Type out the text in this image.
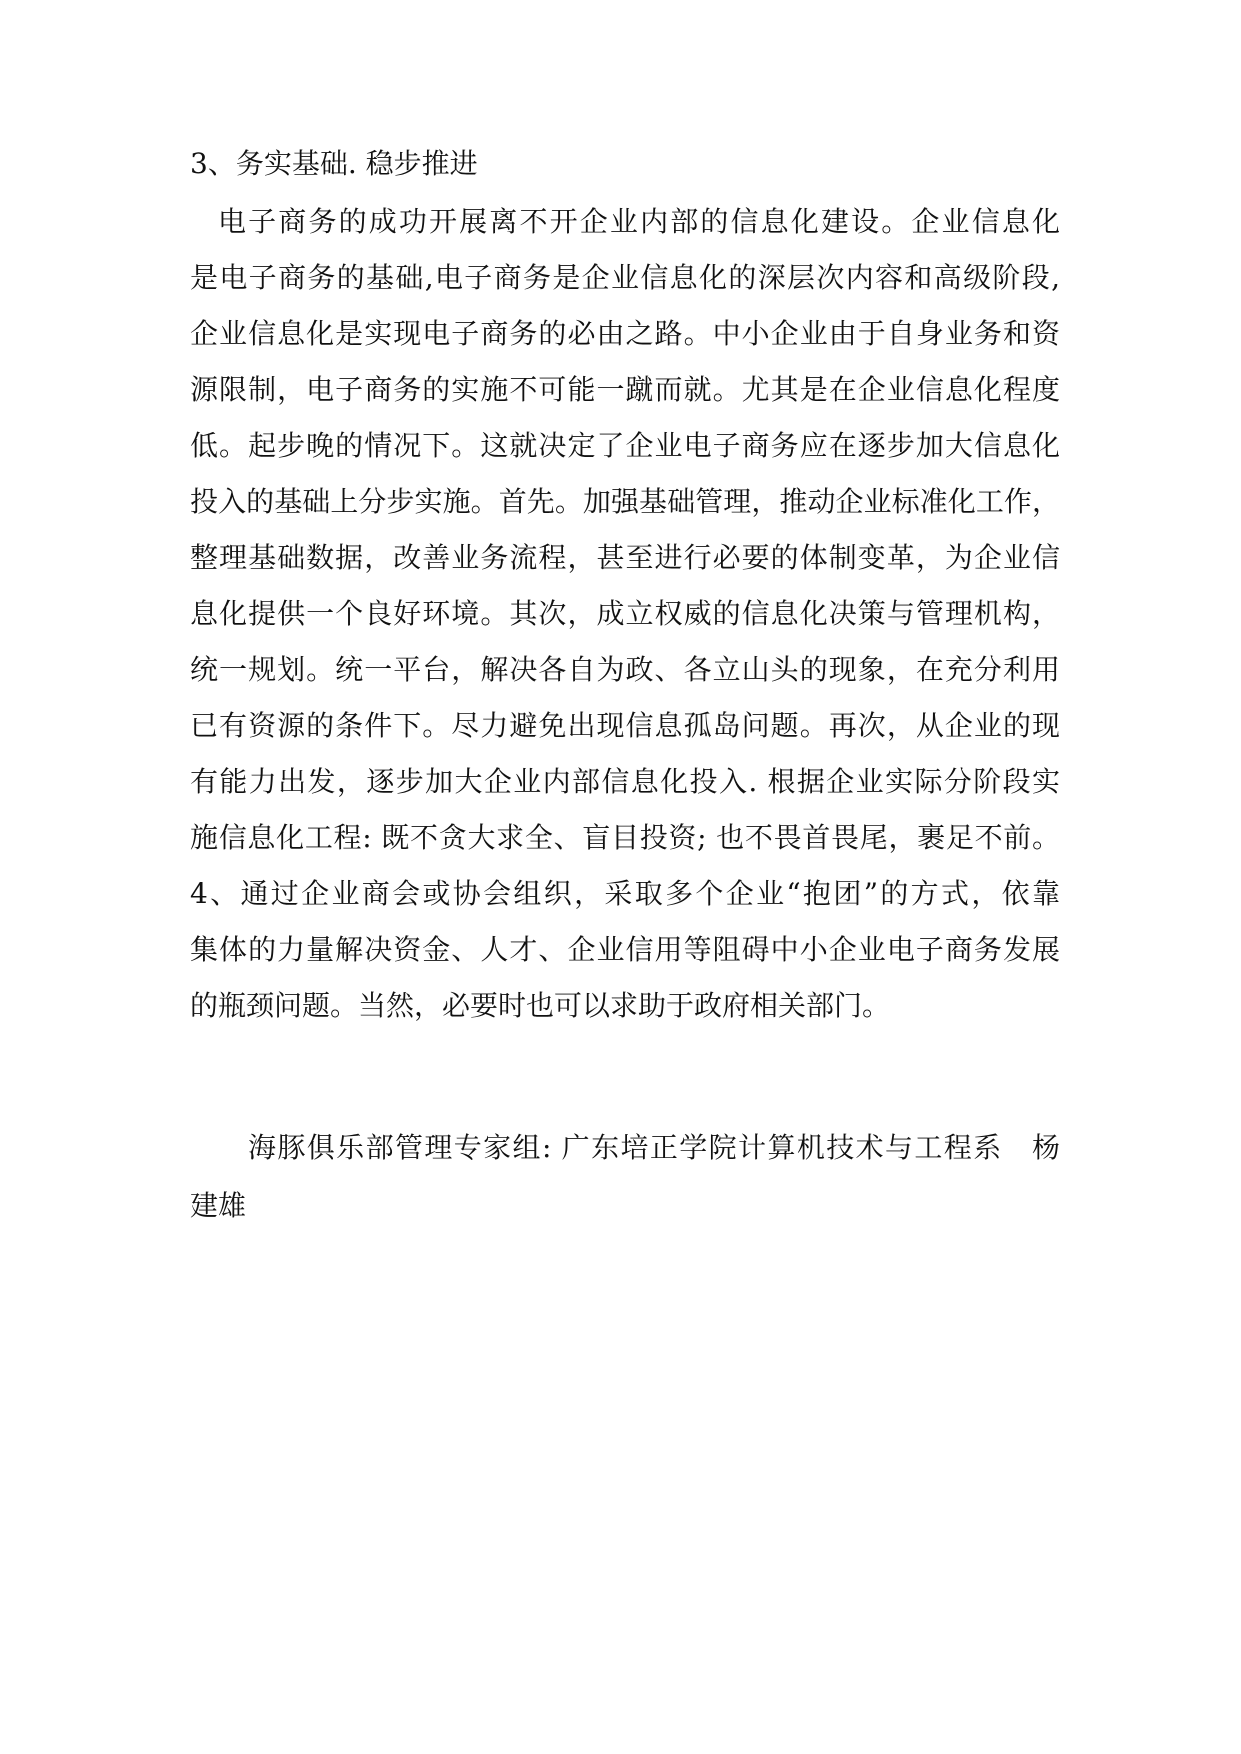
3、务实基础. 稳步推进
电子商务的成功开展离不开企业内部的信息化建设。企业信息化
是电子商务的基础,电子商务是企业信息化的深层次内容和高级阶段,
企业信息化是实现电子商务的必由之路。中小企业由于自身业务和资
源限制，电子商务的实施不可能一蹴而就。尤其是在企业信息化程度
低。起步晚的情况下。这就决定了企业电子商务应在逐步加大信息化
投入的基础上分步实施。首先。加强基础管理，推动企业标准化工作，
整理基础数据，改善业务流程，甚至进行必要的体制变革，为企业信
息化提供一个良好环境。其次，成立权威的信息化决策与管理机构，
统一规划。统一平台，解决各自为政、各立山头的现象，在充分利用
已有资源的条件下。尽力避免出现信息孤岛问题。再次，从企业的现
有能力出发，逐步加大企业内部信息化投入. 根据企业实际分阶段实
施信息化工程: 既不贪大求全、盲目投资; 也不畏首畏尾，裹足不前。
4、通过企业商会或协会组织，采取多个企业“抱团”的方式，依靠
集体的力量解决资金、人才、企业信用等阻碍中小企业电子商务发展
的瓶颈问题。当然，必要时也可以求助于政府相关部门。
海豚俱乐部管理专家组: 广东培正学院计算机技术与工程系　杨
建雄
